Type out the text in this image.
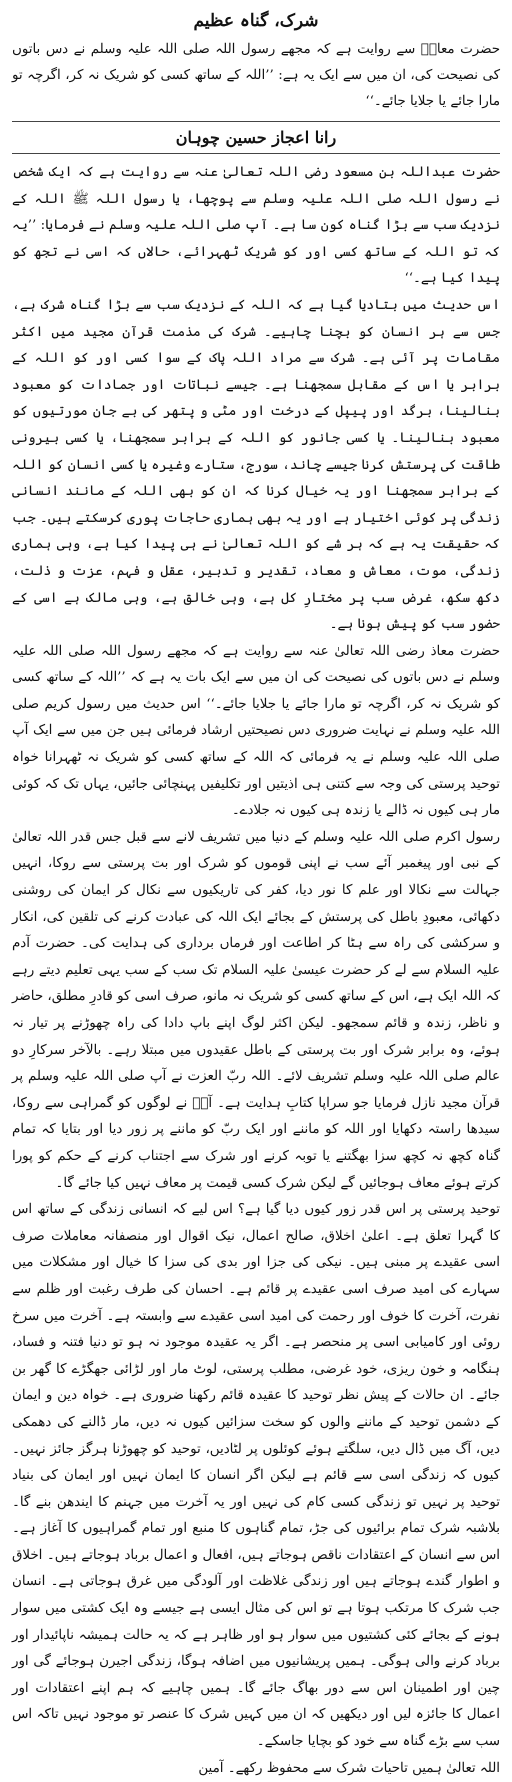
شرک، گناہ عظیم
حضرت معاذؓ سے روایت ہے کہ مجھے رسول اللہ صلی اللہ علیہ وسلم نے دس باتوں کی نصیحت کی، ان میں سے ایک یہ ہے: ’’اللہ کے ساتھ کسی کو شریک نہ کر، اگرچہ تو مارا جائے یا جلایا جائے۔‘‘
رانا اعجاز حسین چوہان

حضرت عبداللہ بن مسعود رضی اللہ تعالیٰ عنہ سے روایت ہے کہ ایک شخص نے رسول اللہ صلی اللہ علیہ وسلم سے پوچھا، یا رسول اللہ ﷺ اللہ کے نزدیک سب سے بڑا گناہ کون سا ہے۔ آپ صلی اللہ علیہ وسلم نے فرمایا: ’’یہ کہ تو اللہ کے ساتھ کسی اور کو شریک ٹھہرائے، حالاں کہ اسی نے تجھ کو پیدا کیا ہے۔‘‘

اس حدیث میں بتادیا گیا ہے کہ اللہ کے نزدیک سب سے بڑا گناہ شرک ہے، جس سے ہر انسان کو بچنا چاہیے۔ شرک کی مذمت قرآن مجید میں اکثر مقامات پر آئی ہے۔ شرک سے مراد اللہ پاک کے سوا کسی اور کو اللہ کے برابر یا اس کے مقابل سمجھنا ہے۔ جیسے نباتات اور جمادات کو معبود بنالینا، برگد اور پیپل کے درخت اور مٹی و پتھر کی بے جان مورتیوں کو معبود بنالینا۔ یا کسی جانور کو اللہ کے برابر سمجھنا، یا کسی بیرونی طاقت کی پرستش کرنا جیسے چاند، سورج، ستارے وغیرہ یا کسی انسان کو اللہ کے برابر سمجھنا اور یہ خیال کرنا کہ ان کو بھی اللہ کے مانند انسانی زندگی پر کوئی اختیار ہے اور یہ بھی ہماری حاجات پوری کرسکتے ہیں۔ جب کہ حقیقت یہ ہے کہ ہر شے کو اللہ تعالیٰ نے ہی پیدا کیا ہے، وہی ہماری زندگی، موت، معاش و معاد، تقدیر و تدبیر، عقل و فہم، عزت و ذلت، دکھ سکھ، غرض سب پر مختارِ کل ہے، وہی خالق ہے، وہی مالک ہے اسی کے حضور سب کو پیش ہونا ہے۔

حضرت معاذ رضی اللہ تعالیٰ عنہ سے روایت ہے کہ مجھے رسول اللہ صلی اللہ علیہ وسلم نے دس باتوں کی نصیحت کی ان میں سے ایک بات یہ ہے کہ ’’اللہ کے ساتھ کسی کو شریک نہ کر، اگرچہ تو مارا جائے یا جلایا جائے۔‘‘ اس حدیث میں رسول کریم صلی اللہ علیہ وسلم نے نہایت ضروری دس نصیحتیں ارشاد فرمائی ہیں جن میں سے ایک آپ صلی اللہ علیہ وسلم نے یہ فرمائی کہ اللہ کے ساتھ کسی کو شریک نہ ٹھہرانا خواہ توحید پرستی کی وجہ سے کتنی ہی اذیتیں اور تکلیفیں پہنچائی جائیں، یہاں تک کہ کوئی مار ہی کیوں نہ ڈالے یا زندہ ہی کیوں نہ جلادے۔

رسول اکرم صلی اللہ علیہ وسلم کے دنیا میں تشریف لانے سے قبل جس قدر اللہ تعالیٰ کے نبی اور پیغمبر آئے سب نے اپنی قوموں کو شرک اور بت پرستی سے روکا، انہیں جہالت سے نکالا اور علم کا نور دیا، کفر کی تاریکیوں سے نکال کر ایمان کی روشنی دکھائی، معبودِ باطل کی پرستش کے بجائے ایک اللہ کی عبادت کرنے کی تلقین کی، انکار و سرکشی کی راہ سے ہٹا کر اطاعت اور فرماں برداری کی ہدایت کی۔ حضرت آدم علیہ السلام سے لے کر حضرت عیسیٰ علیہ السلام تک سب کے سب یہی تعلیم دیتے رہے کہ اللہ ایک ہے، اس کے ساتھ کسی کو شریک نہ مانو، صرف اسی کو قادرِ مطلق، حاضر و ناظر، زندہ و قائم سمجھو۔ لیکن اکثر لوگ اپنے باپ دادا کی راہ چھوڑنے پر تیار نہ ہوئے، وہ برابر شرک اور بت پرستی کے باطل عقیدوں میں مبتلا رہے۔ بالآخر سرکارِ دو عالم صلی اللہ علیہ وسلم تشریف لائے۔ اللہ ربّ العزت نے آپ صلی اللہ علیہ وسلم پر قرآن مجید نازل فرمایا جو سراپا کتابِ ہدایت ہے۔ آپؐ نے لوگوں کو گمراہی سے روکا، سیدھا راستہ دکھایا اور اللہ کو ماننے اور ایک ربّ کو ماننے پر زور دیا اور بتایا کہ تمام گناہ کچھ نہ کچھ سزا بھگتنے یا توبہ کرنے اور شرک سے اجتناب کرنے کے حکم کو پورا کرتے ہوئے معاف ہوجائیں گے لیکن شرک کسی قیمت پر معاف نہیں کیا جائے گا۔

توحید پرستی پر اس قدر زور کیوں دیا گیا ہے؟ اس لیے کہ انسانی زندگی کے ساتھ اس کا گہرا تعلق ہے۔ اعلیٰ اخلاق، صالح اعمال، نیک اقوال اور منصفانہ معاملات صرف اسی عقیدے پر مبنی ہیں۔ نیکی کی جزا اور بدی کی سزا کا خیال اور مشکلات میں سہارے کی امید صرف اسی عقیدے پر قائم ہے۔ احسان کی طرف رغبت اور ظلم سے نفرت، آخرت کا خوف اور رحمت کی امید اسی عقیدے سے وابستہ ہے۔ آخرت میں سرخ روئی اور کامیابی اسی پر منحصر ہے۔ اگر یہ عقیدہ موجود نہ ہو تو دنیا فتنہ و فساد، ہنگامہ و خون ریزی، خود غرضی، مطلب پرستی، لوٹ مار اور لڑائی جھگڑے کا گھر بن جائے۔ ان حالات کے پیش نظر توحید کا عقیدہ قائم رکھنا ضروری ہے۔ خواہ دین و ایمان کے دشمن توحید کے ماننے والوں کو سخت سزائیں کیوں نہ دیں، مار ڈالنے کی دھمکی دیں، آگ میں ڈال دیں، سلگتے ہوئے کوئلوں پر لٹادیں، توحید کو چھوڑنا ہرگز جائز نہیں۔ کیوں کہ زندگی اسی سے قائم ہے لیکن اگر انسان کا ایمان نہیں اور ایمان کی بنیاد توحید پر نہیں تو زندگی کسی کام کی نہیں اور یہ آخرت میں جہنم کا ایندھن بنے گا۔ بلاشبہ شرک تمام برائیوں کی جڑ، تمام گناہوں کا منبع اور تمام گمراہیوں کا آغاز ہے۔ اس سے انسان کے اعتقادات ناقص ہوجاتے ہیں، افعال و اعمال برباد ہوجاتے ہیں۔ اخلاق و اطوار گندے ہوجاتے ہیں اور زندگی غلاظت اور آلودگی میں غرق ہوجاتی ہے۔ انسان جب شرک کا مرتکب ہوتا ہے تو اس کی مثال ایسی ہے جیسے وہ ایک کشتی میں سوار ہونے کے بجائے کئی کشتیوں میں سوار ہو اور ظاہر ہے کہ یہ حالت ہمیشہ ناپائیدار اور برباد کرنے والی ہوگی۔ ہمیں پریشانیوں میں اضافہ ہوگا، زندگی اجیرن ہوجائے گی اور چین اور اطمینان اس سے دور بھاگ جائے گا۔ ہمیں چاہیے کہ ہم اپنے اعتقادات اور اعمال کا جائزہ لیں اور دیکھیں کہ ان میں کہیں شرک کا عنصر تو موجود نہیں تاکہ اس سب سے بڑے گناہ سے خود کو بچایا جاسکے۔

اللہ تعالیٰ ہمیں تاحیات شرک سے محفوظ رکھے۔ آمین
